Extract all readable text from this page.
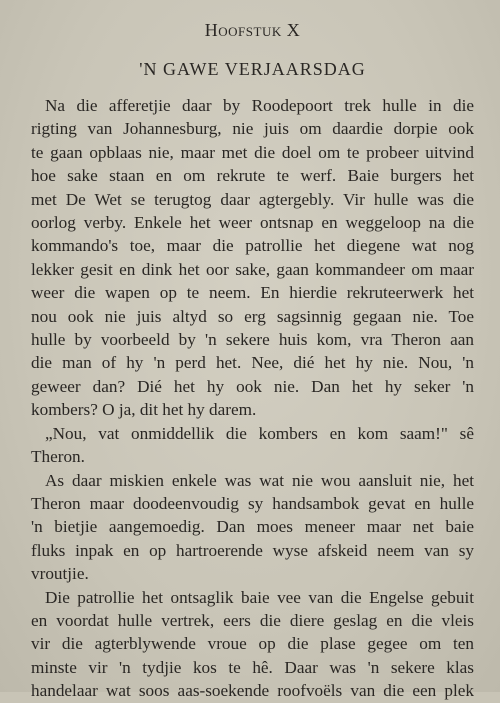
Hoofstuk X
'N GAWE VERJAARSDAG
Na die afferetjie daar by Roodepoort trek hulle in die
rigting van Johannesburg, nie juis om daardie dorpie ook
te gaan opblaas nie, maar met die doel om te probeer uitvind
hoe sake staan en om rekrute te werf. Baie burgers het
met De Wet se terugtog daar agtergebly. Vir hulle was die
oorlog verby. Enkele het weer ontsnap en weggeloop na die
kommando's toe, maar die patrollie het diegene wat nog
lekker gesit en dink het oor sake, gaan kommandeer om maar
weer die wapen op te neem. En hierdie rekruteerwerk het
nou ook nie juis altyd so erg sagsinnig gegaan nie. Toe
hulle by voorbeeld by 'n sekere huis kom, vra Theron aan
die man of hy 'n perd het. Nee, dié het hy nie. Nou, 'n
geweer dan? Dié het hy ook nie. Dan het hy seker 'n
kombers? O ja, dit het hy darem.
„Nou, vat onmiddellik die kombers en kom saam!" sê
Theron.
As daar miskien enkele was wat nie wou aansluit nie, het
Theron maar doodeenvoudig sy handsambok gevat en hulle
'n bietjie aangemoedig. Dan moes meneer maar net baie
fluks inpak en op hartroerende wyse afskeid neem van sy
vroutjie.
Die patrollie het ontsaglik baie vee van die Engelse gebuit
en voordat hulle vertrek, eers die diere geslag en die vleis
vir die agterblywende vroue op die plase gegee om ten
minste vir 'n tydjie kos te hê. Daar was 'n sekere klas
handelaar wat soos aas-soekende roofvoëls van die een plek
